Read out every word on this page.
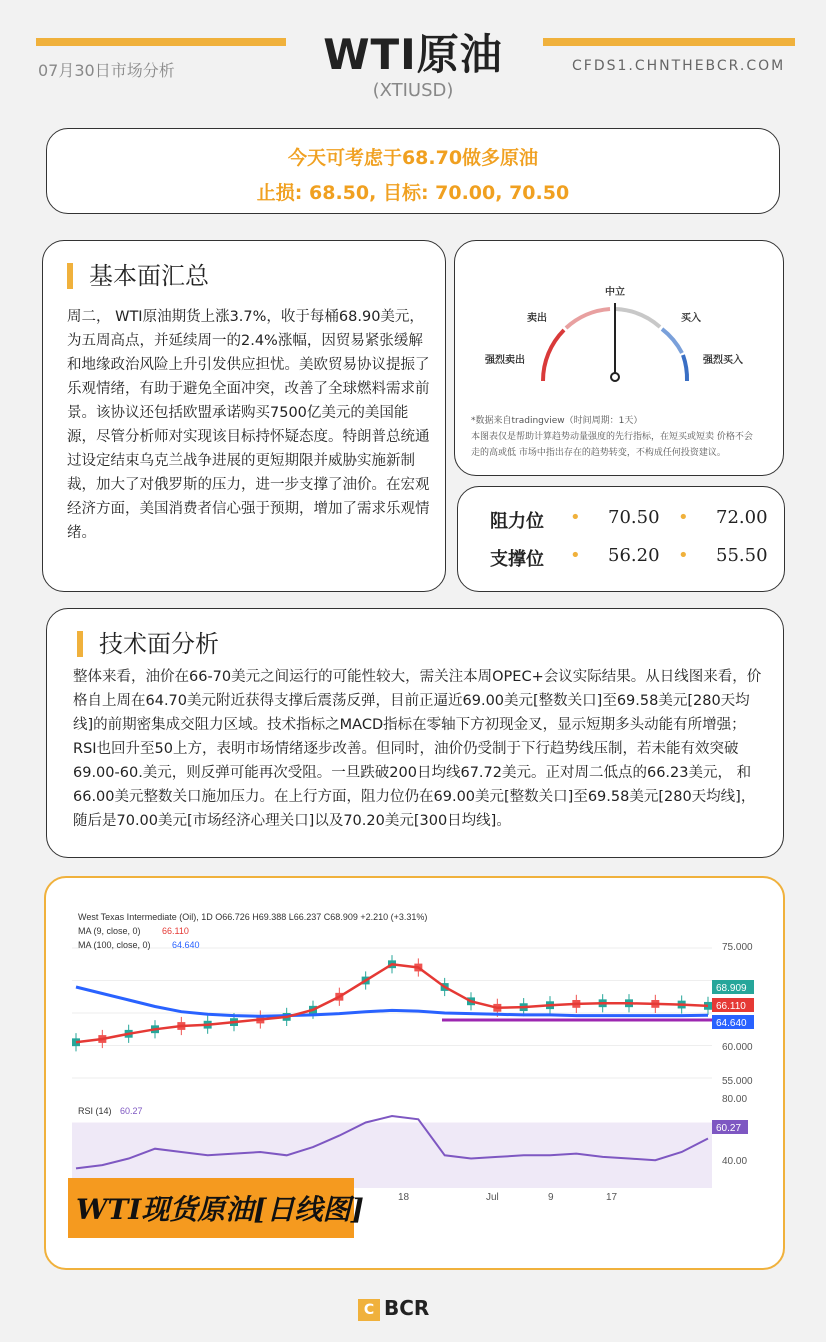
WTI原油
(XTIUSD)
07月30日市场分析	CFDS1.CHNTHEBCR.COM
今天可考虑于68.70做多原油
止损: 68.50, 目标: 70.00, 70.50
基本面汇总
周二， WTI原油期货上涨3.7%，收于每桶68.90美元，为五周高点，并延续周一的2.4%涨幅，因贸易紧张缓解和地缘政治风险上升引发供应担忧。美欧贸易协议提振了乐观情绪，有助于避免全面冲突，改善了全球燃料需求前景。该协议还包括欧盟承诺购买7500亿美元的美国能源，尽管分析师对实现该目标持怀疑态度。特朗普总统通过设定结束乌克兰战争进展的更短期限并威胁实施新制裁，加大了对俄罗斯的压力，进一步支撑了油价。在宏观经济方面，美国消费者信心强于预期，增加了需求乐观情绪。
强烈卖出
卖出
中立
买入
强烈买入
*数据来自tradingview（时间周期：1天）
本图表仅是帮助计算趋势动量强度的先行指标，在短买或短卖 价格不会
走的高或低 市场中指出存在的趋势转变，不构成任何投资建议。
阻力位 • 70.50 • 72.00
支撑位 • 56.20 • 55.50
技术面分析
整体来看，油价在66-70美元之间运行的可能性较大，需关注本周OPEC+会议实际结果。从日线图来看，价格自上周在64.70美元附近获得支撑后震荡反弹，目前正逼近69.00美元[整数关口]至69.58美元[280天均线]的前期密集成交阻力区域。技术指标之MACD指标在零轴下方初现金叉，显示短期多头动能有所增强；RSI也回升至50上方，表明市场情绪逐步改善。但同时，油价仍受制于下行趋势线压制，若未能有效突破69.00-60.美元，则反弹可能再次受阻。一旦跌破200日均线67.72美元。正对周二低点的66.23美元， 和66.00美元整数关口施加压力。在上行方面，阻力位仍在69.00美元[整数关口]至69.58美元[280天均线]，随后是70.00美元[市场经济心理关口]以及70.20美元[300日均线]。
West Texas Intermediate (Oil), 1D O66.726 H69.388 L66.237 C68.909 +2.210 (+3.31%)
MA (9, close, 0) 66.110
MA (100, close, 0) 64.640
RSI (14) 60.27
75.000
60.000
55.000
80.00
40.00
68.909
66.110
64.640
60.27
18	Jul	9	17
WTI现货原油[日线图]
C BCR
